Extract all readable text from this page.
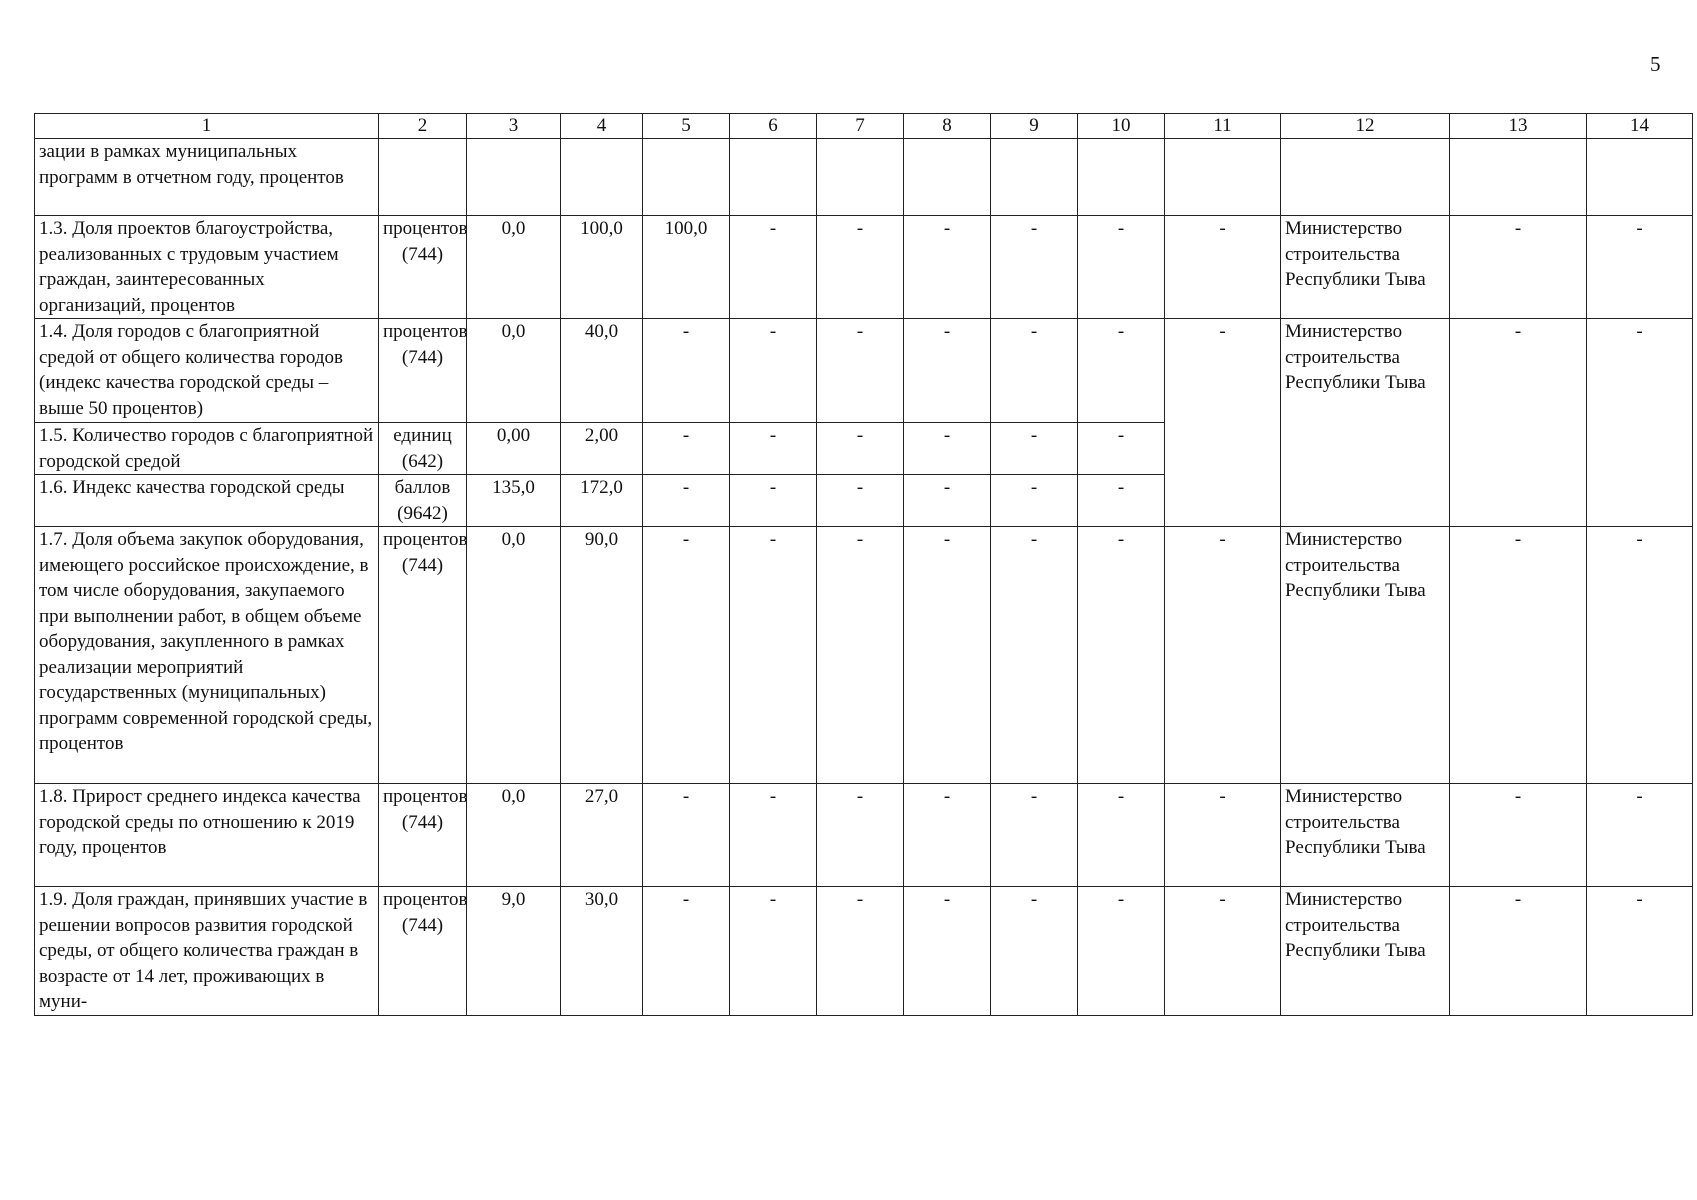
5
1	2	3	4	5	6	7	8	9	10	11	12	13	14
зации в рамках муниципальных программ в отчетном году, процентов													
1.3. Доля проектов благоустройства, реализованных с трудовым участием граждан, заинтересованных организаций, процентов	процентов (744)	0,0	100,0	100,0	-	-	-	-	-	-	Министерство строительства Республики Тыва	-	-
1.4. Доля городов с благоприятной средой от общего количества городов (индекс качества городской среды – выше 50 процентов)	процентов (744)	0,0	40,0	-	-	-	-	-	-	-	Министерство строительства Республики Тыва	-	-
1.5. Количество городов с благоприятной городской средой	единиц (642)	0,00	2,00	-	-	-	-	-	-				
1.6. Индекс качества городской среды	баллов (9642)	135,0	172,0	-	-	-	-	-	-				
1.7. Доля объема закупок оборудования, имеющего российское происхождение, в том числе оборудования, закупаемого при выполнении работ, в общем объеме оборудования, закупленного в рамках реализации мероприятий государственных (муниципальных) программ современной городской среды, процентов	процентов (744)	0,0	90,0	-	-	-	-	-	-	-	Министерство строительства Республики Тыва	-	-
1.8. Прирост среднего индекса качества городской среды по отношению к 2019 году, процентов	процентов (744)	0,0	27,0	-	-	-	-	-	-	-	Министерство строительства Республики Тыва	-	-
1.9. Доля граждан, принявших участие в решении вопросов развития городской среды, от общего количества граждан в возрасте от 14 лет, проживающих в муни-	процентов (744)	9,0	30,0	-	-	-	-	-	-	-	Министерство строительства Республики Тыва	-	-
